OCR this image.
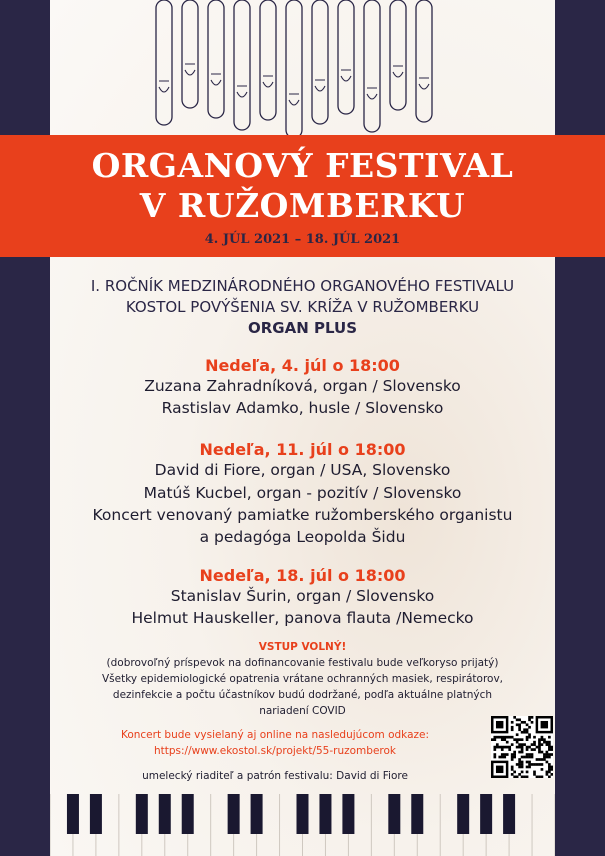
ORGANOVÝ FESTIVAL
V RUŽOMBERKU
4. JÚL 2021 – 18. JÚL 2021
I. ROČNÍK MEDZINÁRODNÉHO ORGANOVÉHO FESTIVALU
KOSTOL POVÝŠENIA SV. KRÍŽA V RUŽOMBERKU
ORGAN PLUS
Nedeľa, 4. júl o 18:00
Zuzana Zahradníková, organ / Slovensko
Rastislav Adamko, husle / Slovensko
Nedeľa, 11. júl o 18:00
David di Fiore, organ / USA, Slovensko
Matúš Kucbel, organ - pozitív / Slovensko
Koncert venovaný pamiatke ružomberského organistu
a pedagóga Leopolda Šidu
Nedeľa, 18. júl o 18:00
Stanislav Šurin, organ / Slovensko
Helmut Hauskeller, panova flauta /Nemecko
VSTUP VOLNÝ!
(dobrovoľný príspevok na dofinancovanie festivalu bude veľkoryso prijatý)
Všetky epidemiologické opatrenia vrátane ochranných masiek, respirátorov,
dezinfekcie a počtu účastníkov budú dodržané, podľa aktuálne platných
nariadení COVID
Koncert bude vysielaný aj online na nasledujúcom odkaze:
https://www.ekostol.sk/projekt/55-ruzomberok
umelecký riaditeľ a patrón festivalu: David di Fiore
